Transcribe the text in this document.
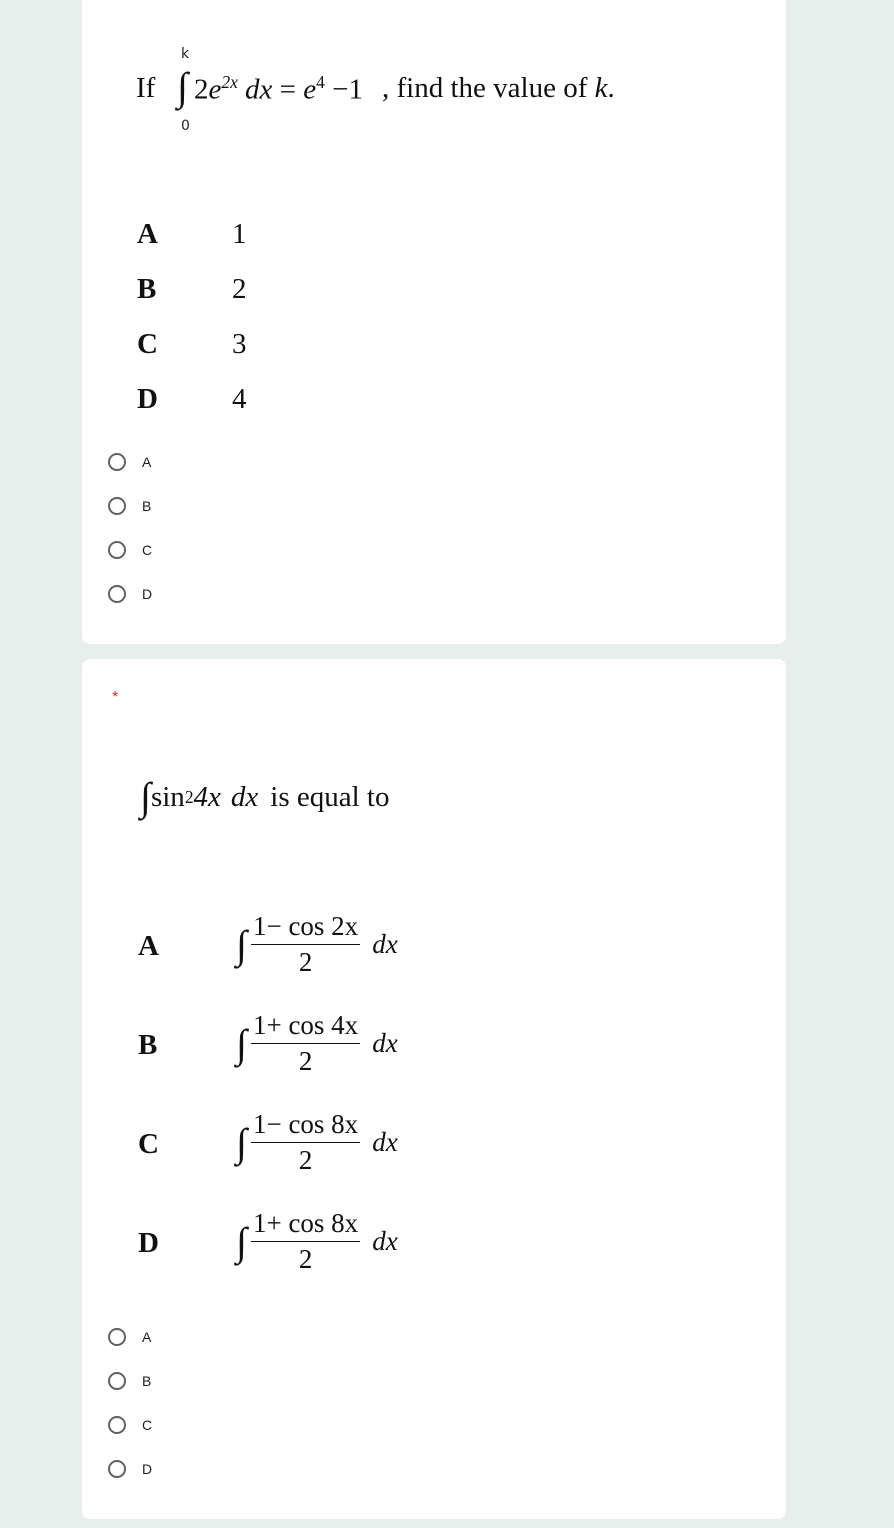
If
k
∫
0
$2e^{2x}$ dx = $e^4 -1$ , find the value of k.
A	1
B	2
C	3
D	4
A
B
C
D
*
∫ sin 2 4x dx is equal to
A ∫ $\frac{1- \cos 2x}{2}$ dx
B ∫ $\frac{1+ \cos 4x}{2}$ dx
C ∫ $\frac{1- \cos 8x}{2}$ dx
D ∫ $\frac{1+ \cos 8x}{2}$ dx
A
B
C
D
